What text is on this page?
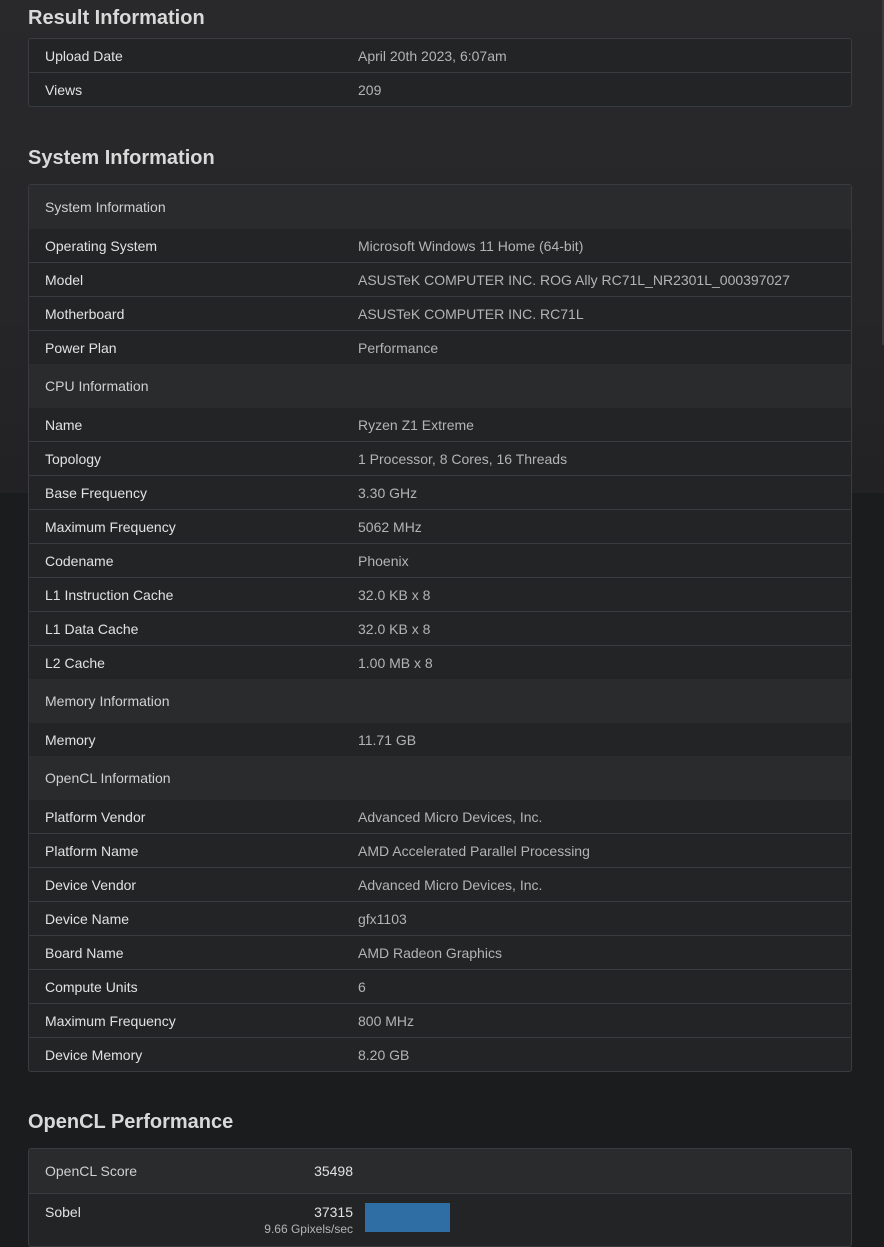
Result Information
Upload Date	April 20th 2023, 6:07am
Views	209
System Information
System Information
Operating System	Microsoft Windows 11 Home (64-bit)
Model	ASUSTeK COMPUTER INC. ROG Ally RC71L_NR2301L_000397027
Motherboard	ASUSTeK COMPUTER INC. RC71L
Power Plan	Performance
CPU Information
Name	Ryzen Z1 Extreme
Topology	1 Processor, 8 Cores, 16 Threads
Base Frequency	3.30 GHz
Maximum Frequency	5062 MHz
Codename	Phoenix
L1 Instruction Cache	32.0 KB x 8
L1 Data Cache	32.0 KB x 8
L2 Cache	1.00 MB x 8
Memory Information
Memory	11.71 GB
OpenCL Information
Platform Vendor	Advanced Micro Devices, Inc.
Platform Name	AMD Accelerated Parallel Processing
Device Vendor	Advanced Micro Devices, Inc.
Device Name	gfx1103
Board Name	AMD Radeon Graphics
Compute Units	6
Maximum Frequency	800 MHz
Device Memory	8.20 GB
OpenCL Performance
OpenCL Score	35498
Sobel	37315
9.66 Gpixels/sec
